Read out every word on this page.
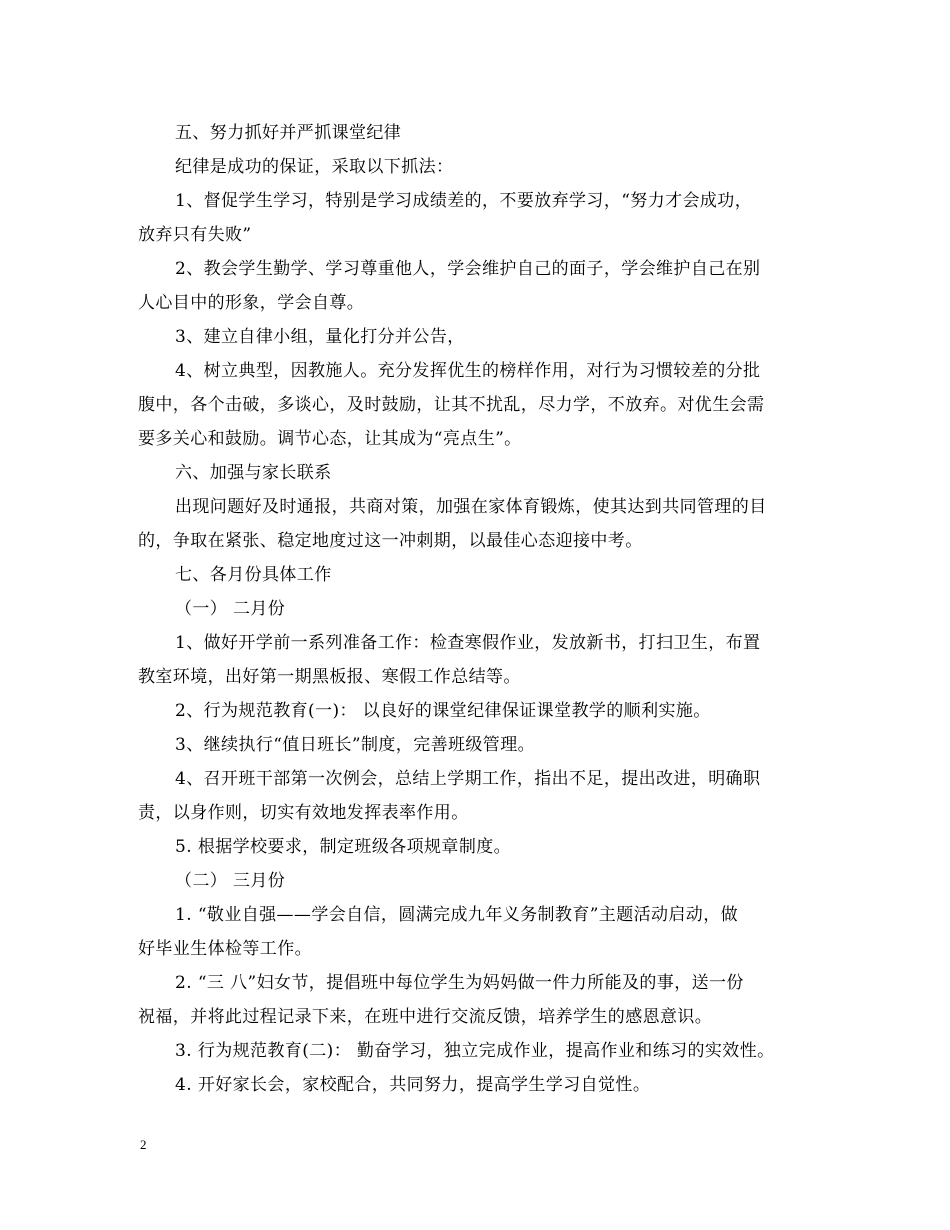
五、努力抓好并严抓课堂纪律
纪律是成功的保证，采取以下抓法：
1、督促学生学习，特别是学习成绩差的，不要放弃学习，“努力才会成功，
放弃只有失败”
2、教会学生勤学、学习尊重他人，学会维护自己的面子，学会维护自己在别
人心目中的形象，学会自尊。
3、建立自律小组，量化打分并公告，
4、树立典型，因教施人。充分发挥优生的榜样作用，对行为习惯较差的分批
腹中，各个击破，多谈心，及时鼓励，让其不扰乱，尽力学，不放弃。对优生会需
要多关心和鼓励。调节心态，让其成为“亮点生”。
六、加强与家长联系
出现问题好及时通报，共商对策，加强在家体育锻炼，使其达到共同管理的目
的，争取在紧张、稳定地度过这一冲刺期，以最佳心态迎接中考。
七、各月份具体工作
（一） 二月份
1、做好开学前一系列准备工作：检查寒假作业，发放新书，打扫卫生，布置
教室环境，出好第一期黑板报、寒假工作总结等。
2、行为规范教育(一)： 以良好的课堂纪律保证课堂教学的顺利实施。
3、继续执行“值日班长”制度，完善班级管理。
4、召开班干部第一次例会，总结上学期工作，指出不足，提出改进，明确职
责，以身作则，切实有效地发挥表率作用。
5. 根据学校要求，制定班级各项规章制度。
（二） 三月份
1. “敬业自强——学会自信，圆满完成九年义务制教育”主题活动启动，做
好毕业生体检等工作。
2. “三 八”妇女节，提倡班中每位学生为妈妈做一件力所能及的事，送一份
祝福，并将此过程记录下来，在班中进行交流反馈，培养学生的感恩意识。
3. 行为规范教育(二)： 勤奋学习，独立完成作业，提高作业和练习的实效性。
4. 开好家长会，家校配合，共同努力，提高学生学习自觉性。
2
